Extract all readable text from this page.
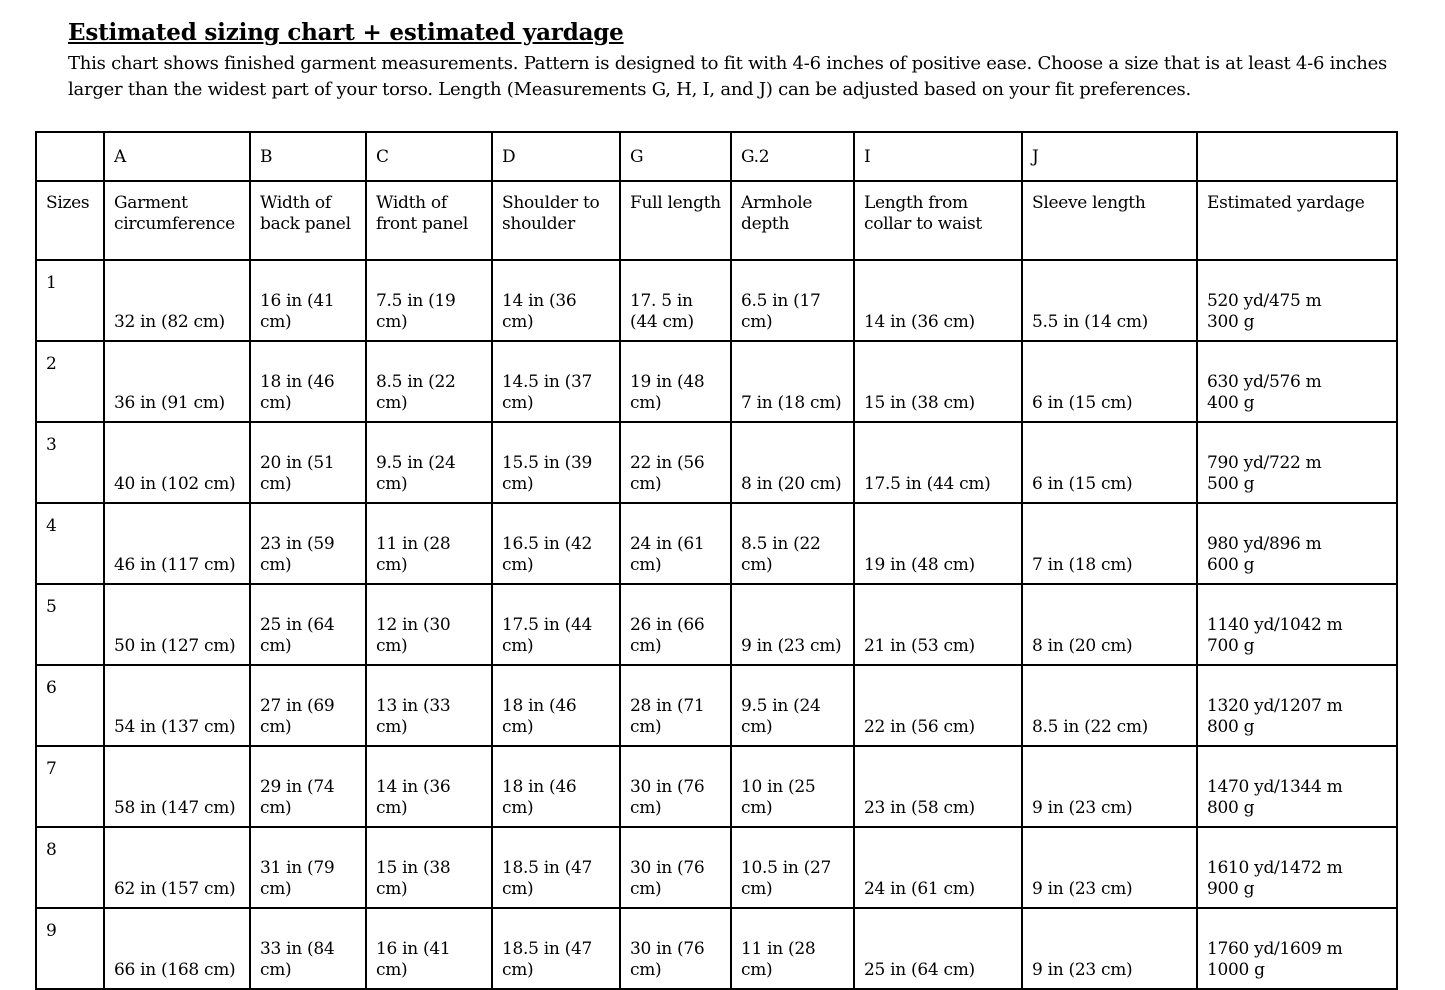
Estimated sizing chart + estimated yardage
This chart shows finished garment measurements. Pattern is designed to fit with 4-6 inches of positive ease. Choose a size that is at least 4-6 inches larger than the widest part of your torso. Length (Measurements G, H, I, and J) can be adjusted based on your fit preferences.
	A	B	C	D	G	G.2	I	J	
Sizes	Garment circumference	Width of back panel	Width of front panel	Shoulder to shoulder	Full length	Armhole depth	Length from collar to waist	Sleeve length	Estimated yardage
1	32 in (82 cm)	16 in (41 cm)	7.5 in (19 cm)	14 in (36 cm)	17. 5 in (44 cm)	6.5 in (17 cm)	14 in (36 cm)	5.5 in (14 cm)	520 yd/475 m
300 g

2	36 in (91 cm)	18 in (46 cm)	8.5 in (22 cm)	14.5 in (37 cm)	19 in (48 cm)	7 in (18 cm)	15 in (38 cm)	6 in (15 cm)	630 yd/576 m
400 g

3	40 in (102 cm)	20 in (51 cm)	9.5 in (24 cm)	15.5 in (39 cm)	22 in (56 cm)	8 in (20 cm)	17.5 in (44 cm)	6 in (15 cm)	790 yd/722 m
500 g

4	46 in (117 cm)	23 in (59 cm)	11 in (28 cm)	16.5 in (42 cm)	24 in (61 cm)	8.5 in (22 cm)	19 in (48 cm)	7 in (18 cm)	980 yd/896 m
600 g

5	50 in (127 cm)	25 in (64 cm)	12 in (30 cm)	17.5 in (44 cm)	26 in (66 cm)	9 in (23 cm)	21 in (53 cm)	8 in (20 cm)	1140 yd/1042 m
700 g

6	54 in (137 cm)	27 in (69 cm)	13 in (33 cm)	18 in (46 cm)	28 in (71 cm)	9.5 in (24 cm)	22 in (56 cm)	8.5 in (22 cm)	1320 yd/1207 m
800 g

7	58 in (147 cm)	29 in (74 cm)	14 in (36 cm)	18 in (46 cm)	30 in (76 cm)	10 in (25 cm)	23 in (58 cm)	9 in (23 cm)	1470 yd/1344 m
800 g

8	62 in (157 cm)	31 in (79 cm)	15 in (38 cm)	18.5 in (47 cm)	30 in (76 cm)	10.5 in (27 cm)	24 in (61 cm)	9 in (23 cm)	1610 yd/1472 m
900 g

9	66 in (168 cm)	33 in (84 cm)	16 in (41 cm)	18.5 in (47 cm)	30 in (76 cm)	11 in (28 cm)	25 in (64 cm)	9 in (23 cm)	1760 yd/1609 m
1000 g
